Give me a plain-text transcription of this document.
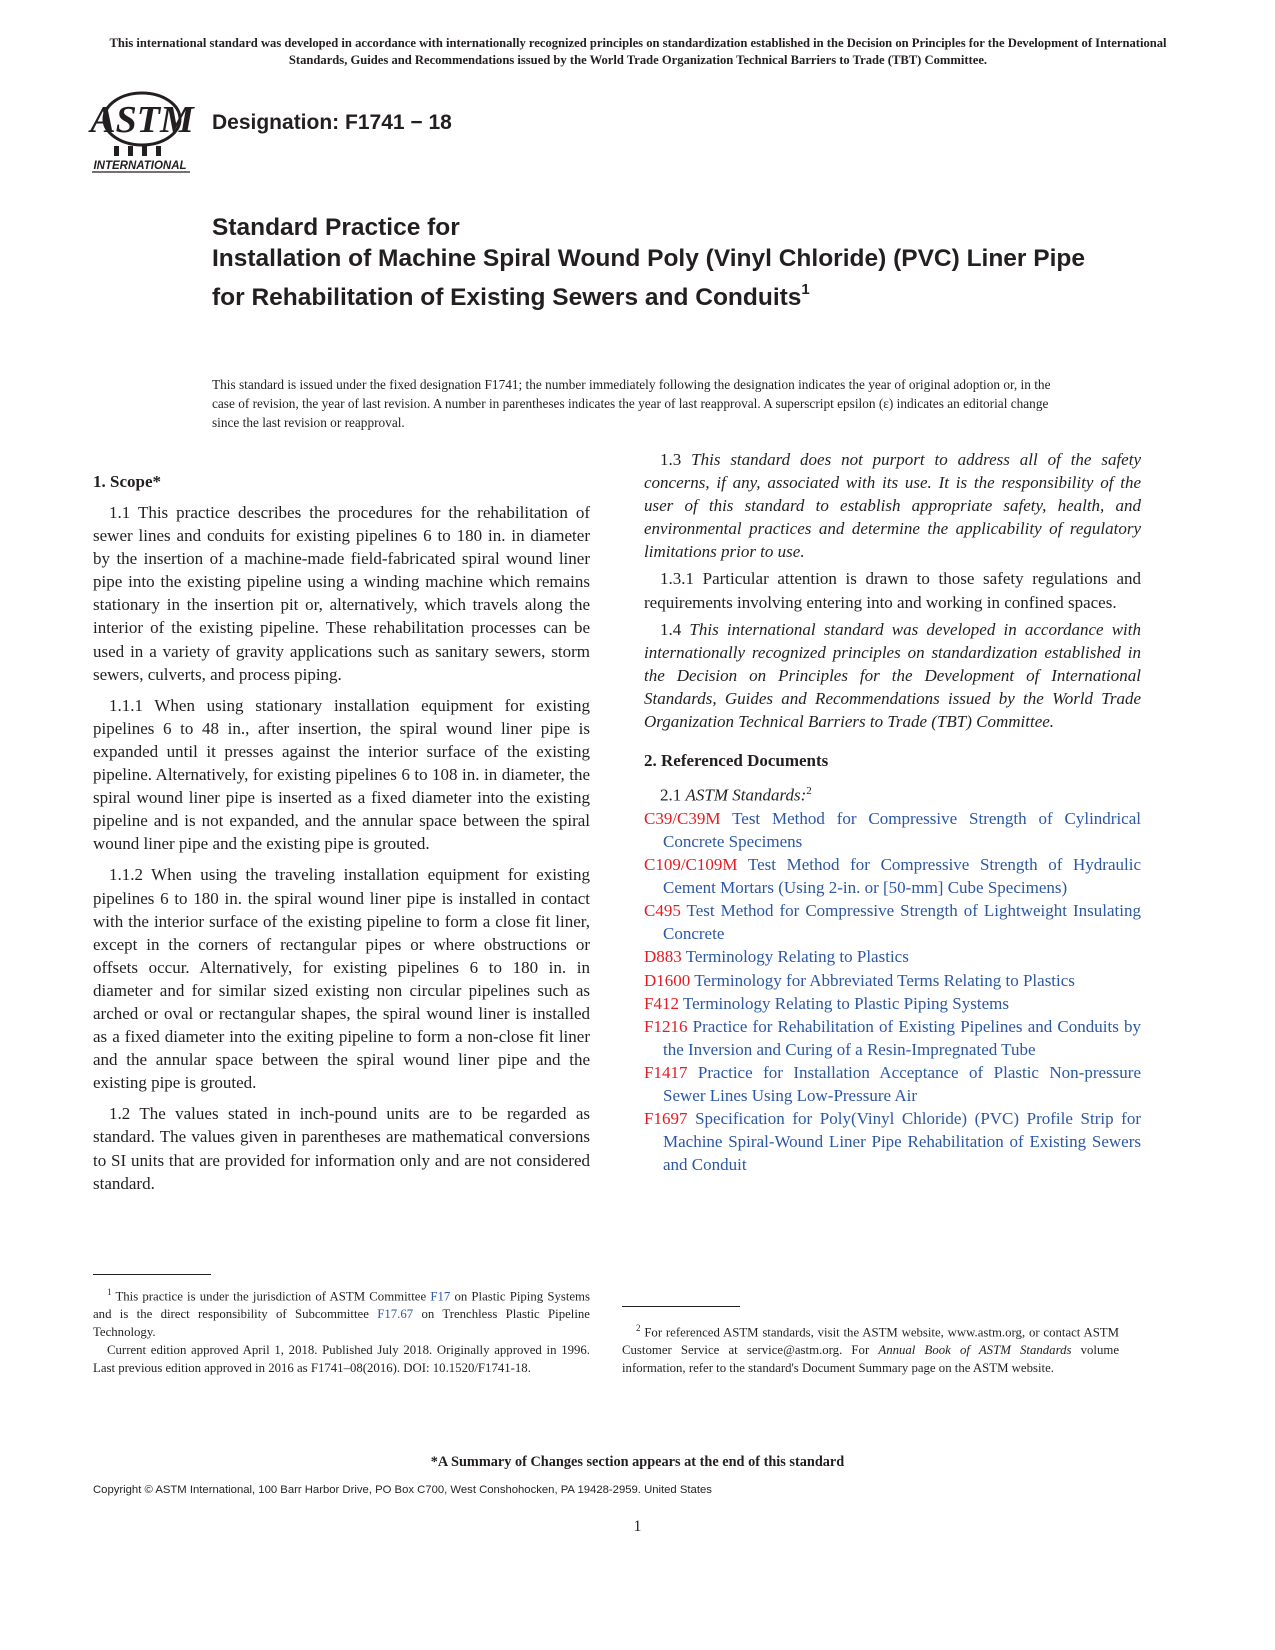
This international standard was developed in accordance with internationally recognized principles on standardization established in the Decision on Principles for the Development of International Standards, Guides and Recommendations issued by the World Trade Organization Technical Barriers to Trade (TBT) Committee.
ASTM
INTERNATIONAL
Designation: F1741 − 18
Standard Practice for
Installation of Machine Spiral Wound Poly (Vinyl Chloride) (PVC) Liner Pipe for Rehabilitation of Existing Sewers and Conduits$^1$
This standard is issued under the fixed designation F1741; the number immediately following the designation indicates the year of original adoption or, in the case of revision, the year of last revision. A number in parentheses indicates the year of last reapproval. A superscript epsilon (ε) indicates an editorial change since the last revision or reapproval.
1. Scope*

1.1 This practice describes the procedures for the rehabilitation of sewer lines and conduits for existing pipelines 6 to 180 in. in diameter by the insertion of a machine-made field-fabricated spiral wound liner pipe into the existing pipeline using a winding machine which remains stationary in the insertion pit or, alternatively, which travels along the interior of the existing pipeline. These rehabilitation processes can be used in a variety of gravity applications such as sanitary sewers, storm sewers, culverts, and process piping.

1.1.1 When using stationary installation equipment for existing pipelines 6 to 48 in., after insertion, the spiral wound liner pipe is expanded until it presses against the interior surface of the existing pipeline. Alternatively, for existing pipelines 6 to 108 in. in diameter, the spiral wound liner pipe is inserted as a fixed diameter into the existing pipeline and is not expanded, and the annular space between the spiral wound liner pipe and the existing pipe is grouted.

1.1.2 When using the traveling installation equipment for existing pipelines 6 to 180 in. the spiral wound liner pipe is installed in contact with the interior surface of the existing pipeline to form a close fit liner, except in the corners of rectangular pipes or where obstructions or offsets occur. Alternatively, for existing pipelines 6 to 180 in. in diameter and for similar sized existing non circular pipelines such as arched or oval or rectangular shapes, the spiral wound liner is installed as a fixed diameter into the exiting pipeline to form a non-close fit liner and the annular space between the spiral wound liner pipe and the existing pipe is grouted.

1.2 The values stated in inch-pound units are to be regarded as standard. The values given in parentheses are mathematical conversions to SI units that are provided for information only and are not considered standard.

1.3 This standard does not purport to address all of the safety concerns, if any, associated with its use. It is the responsibility of the user of this standard to establish appropriate safety, health, and environmental practices and determine the applicability of regulatory limitations prior to use.

1.3.1 Particular attention is drawn to those safety regulations and requirements involving entering into and working in confined spaces.

1.4 This international standard was developed in accordance with internationally recognized principles on standardization established in the Decision on Principles for the Development of International Standards, Guides and Recommendations issued by the World Trade Organization Technical Barriers to Trade (TBT) Committee.

2. Referenced Documents

2.1 ASTM Standards:$^2$

C39/C39M Test Method for Compressive Strength of Cylindrical Concrete Specimens

C109/C109M Test Method for Compressive Strength of Hydraulic Cement Mortars (Using 2-in. or [50-mm] Cube Specimens)

C495 Test Method for Compressive Strength of Lightweight Insulating Concrete

D883 Terminology Relating to Plastics

D1600 Terminology for Abbreviated Terms Relating to Plastics

F412 Terminology Relating to Plastic Piping Systems

F1216 Practice for Rehabilitation of Existing Pipelines and Conduits by the Inversion and Curing of a Resin-Impregnated Tube

F1417 Practice for Installation Acceptance of Plastic Non-pressure Sewer Lines Using Low-Pressure Air

F1697 Specification for Poly(Vinyl Chloride) (PVC) Profile Strip for Machine Spiral-Wound Liner Pipe Rehabilitation of Existing Sewers and Conduit

$^1$ This practice is under the jurisdiction of ASTM Committee F17 on Plastic Piping Systems and is the direct responsibility of Subcommittee F17.67 on Trenchless Plastic Pipeline Technology.

Current edition approved April 1, 2018. Published July 2018. Originally approved in 1996. Last previous edition approved in 2016 as F1741–08(2016). DOI: 10.1520/F1741-18.

$^2$ For referenced ASTM standards, visit the ASTM website, www.astm.org, or contact ASTM Customer Service at service@astm.org. For Annual Book of ASTM Standards volume information, refer to the standard's Document Summary page on the ASTM website.

*A Summary of Changes section appears at the end of this standard
Copyright © ASTM International, 100 Barr Harbor Drive, PO Box C700, West Conshohocken, PA 19428-2959. United States
1
